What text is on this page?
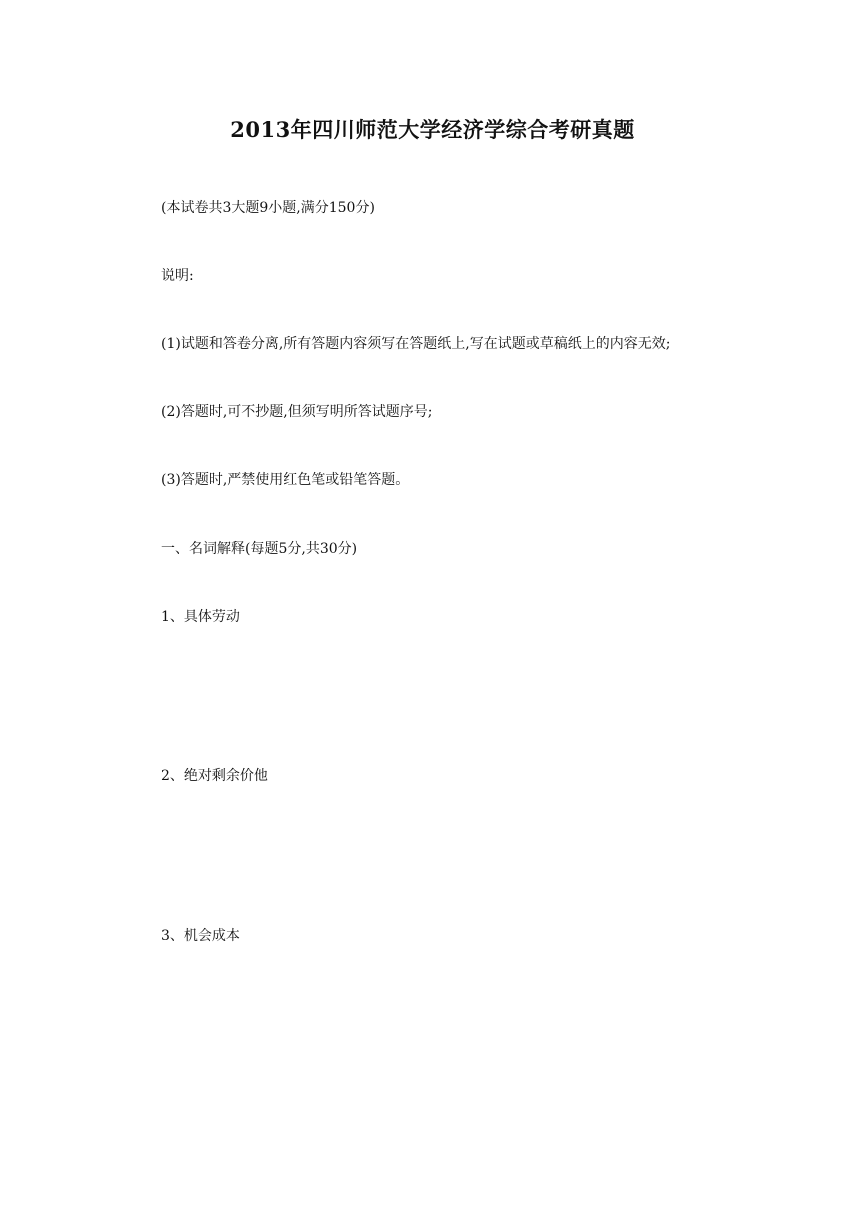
2013年四川师范大学经济学综合考研真题
(本试卷共3大题9小题,满分150分)
说明:
(1)试题和答卷分离,所有答题内容须写在答题纸上,写在试题或草稿纸上的内容无效;
(2)答题时,可不抄题,但须写明所答试题序号;
(3)答题时,严禁使用红色笔或铅笔答题。
一、名词解释(每题5分,共30分)
1、具体劳动
2、绝对剩余价他
3、机会成本
